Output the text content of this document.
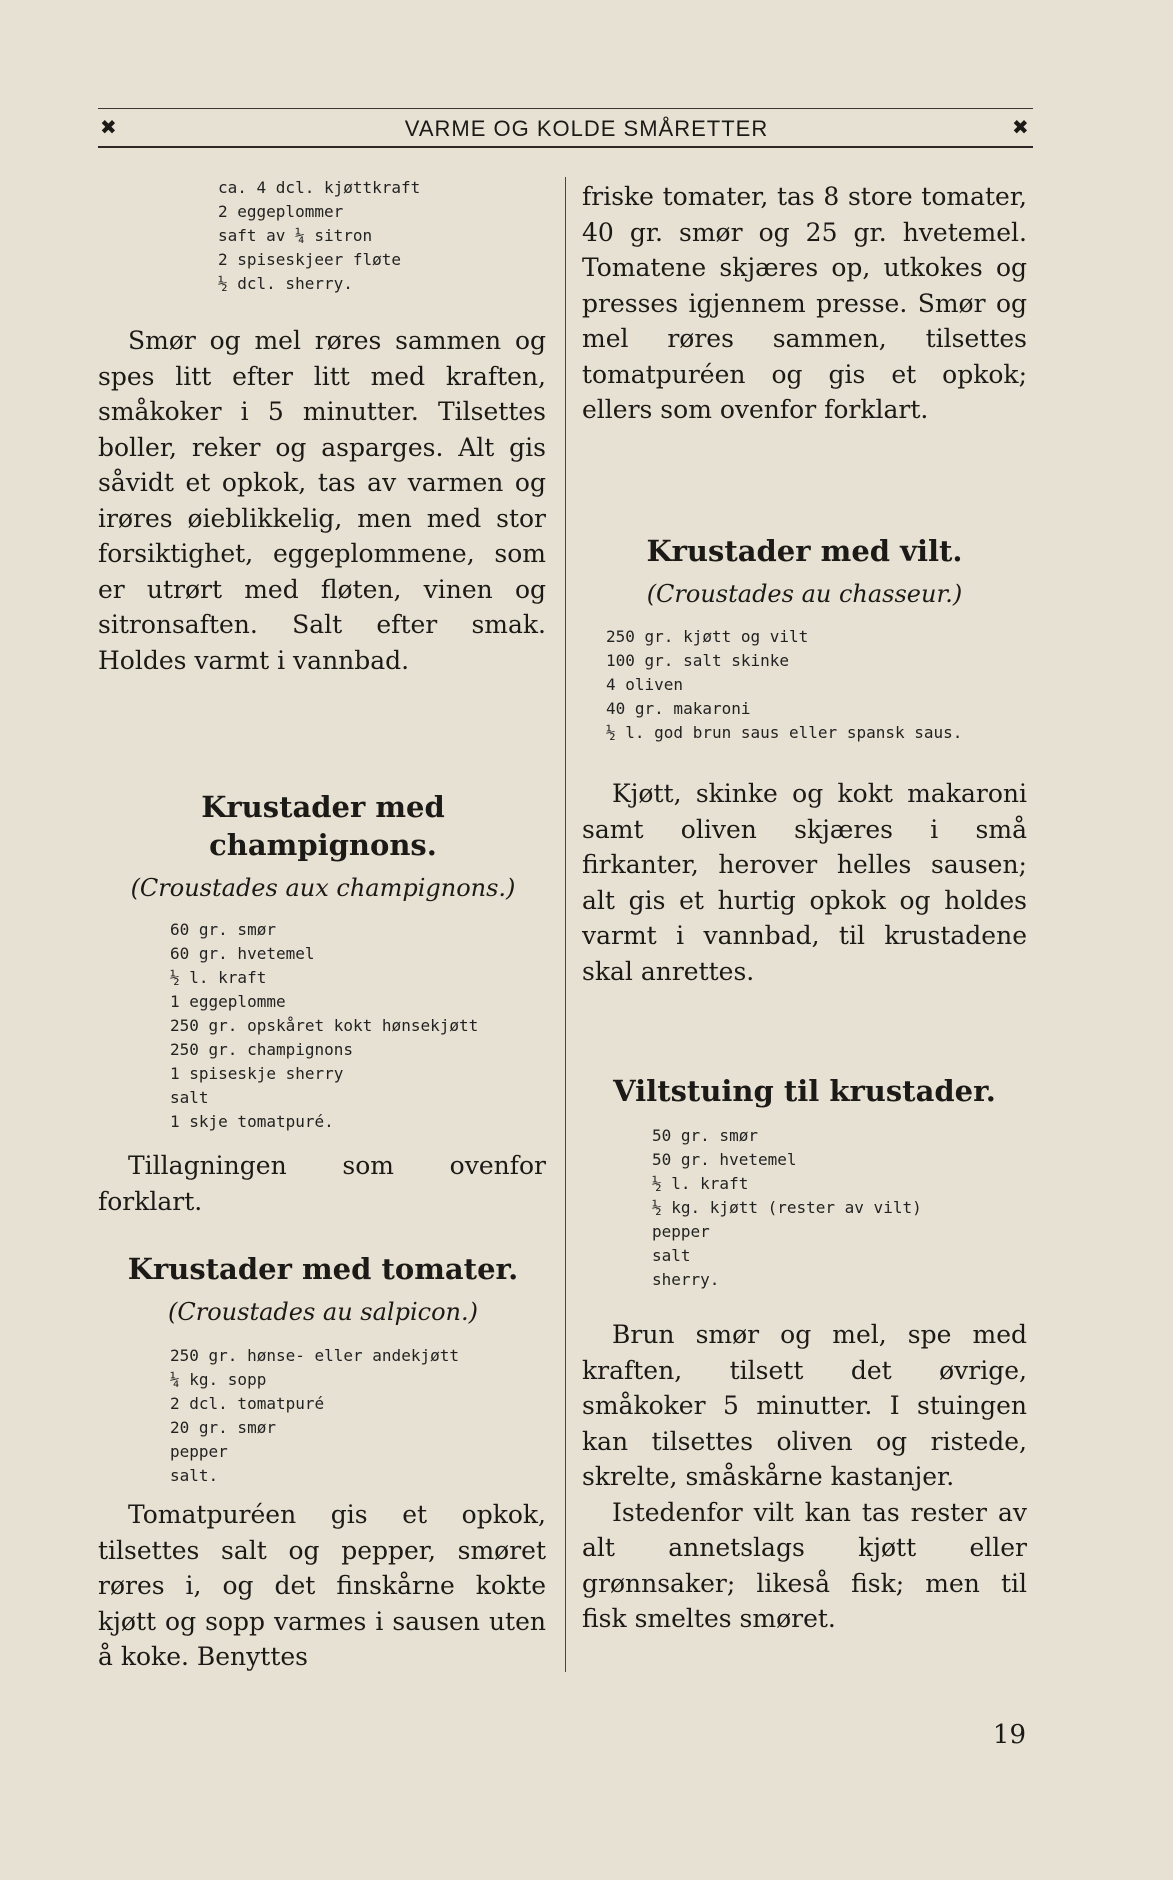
✖	VARME OG KOLDE SMÅRETTER	✖
ca. 4 dcl. kjøttkraft
2 eggeplommer
saft av ¼ sitron
2 spiseskjeer fløte
½ dcl. sherry.

Smør og mel røres sammen og spes litt efter litt med kraften, småkoker i 5 minutter. Tilsettes boller, reker og asparges. Alt gis såvidt et opkok, tas av varmen og irøres øieblikkelig, men med stor forsiktighet, eggeplommene, som er utrørt med fløten, vinen og sitronsaften. Salt efter smak. Holdes varmt i vannbad.

Krustader med
champignons.
(Croustades aux champignons.)
60 gr. smør
60 gr. hvetemel
½ l. kraft
1 eggeplomme
250 gr. opskåret kokt hønsekjøtt
250 gr. champignons
1 spiseskje sherry
salt
1 skje tomatpuré.

Tillagningen som ovenfor forklart.

Krustader med tomater.
(Croustades au salpicon.)
250 gr. hønse- eller andekjøtt
¼ kg. sopp
2 dcl. tomatpuré
20 gr. smør
pepper
salt.

Tomatpuréen gis et opkok, tilsettes salt og pepper, smøret røres i, og det finskårne kokte kjøtt og sopp varmes i sausen uten å koke. Benyttes

friske tomater, tas 8 store tomater, 40 gr. smør og 25 gr. hvetemel. Tomatene skjæres op, utkokes og presses igjennem presse. Smør og mel røres sammen, tilsettes tomatpuréen og gis et opkok; ellers som ovenfor forklart.

Krustader med vilt.
(Croustades au chasseur.)
250 gr. kjøtt og vilt
100 gr. salt skinke
4 oliven
40 gr. makaroni
½ l. god brun saus eller spansk saus.

Kjøtt, skinke og kokt makaroni samt oliven skjæres i små firkanter, herover helles sausen; alt gis et hurtig opkok og holdes varmt i vannbad, til krustadene skal anrettes.

Viltstuing til krustader.
50 gr. smør
50 gr. hvetemel
½ l. kraft
½ kg. kjøtt (rester av vilt)
pepper
salt
sherry.

Brun smør og mel, spe med kraften, tilsett det øvrige, småkoker 5 minutter. I stuingen kan tilsettes oliven og ristede, skrelte, småskårne kastanjer.

Istedenfor vilt kan tas rester av alt annetslags kjøtt eller grønnsaker; likeså fisk; men til fisk smeltes smøret.

19
